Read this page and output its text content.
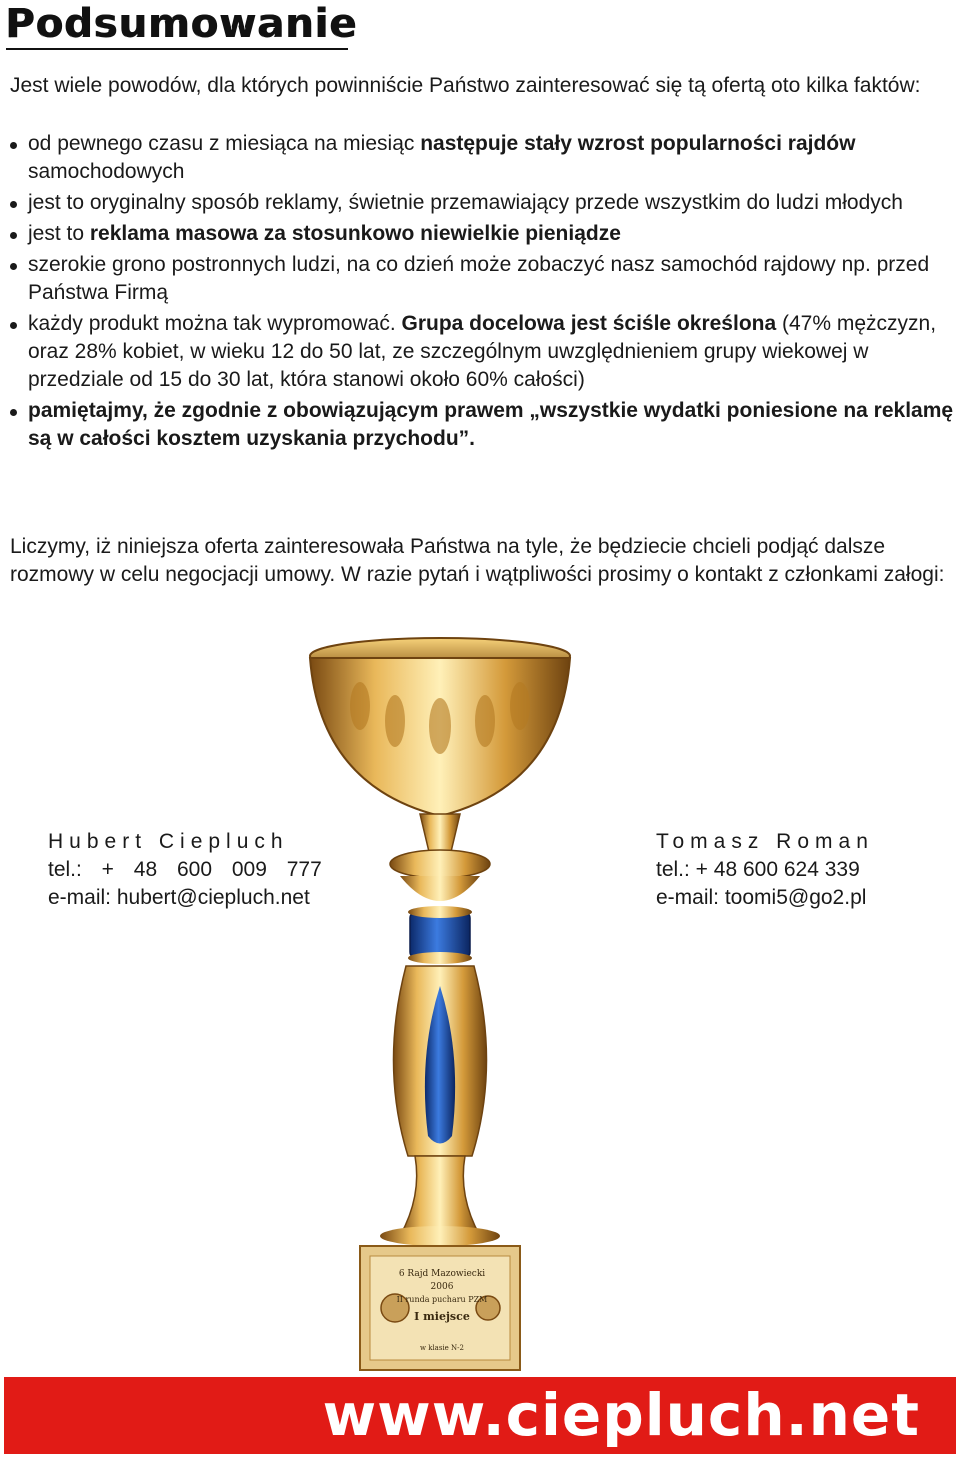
Podsumowanie
Jest wiele powodów, dla których powinniście Państwo zainteresować się tą ofertą oto kilka faktów:
od pewnego czasu z miesiąca na miesiąc następuje stały wzrost popularności rajdów samochodowych
jest to oryginalny sposób reklamy, świetnie przemawiający przede wszystkim do ludzi młodych
jest to reklama masowa za stosunkowo niewielkie pieniądze
szerokie grono postronnych ludzi, na co dzień może zobaczyć nasz samochód rajdowy np. przed Państwa Firmą
każdy produkt można tak wypromować. Grupa docelowa jest ściśle określona (47% mężczyzn, oraz 28% kobiet, w wieku 12 do 50 lat, ze szczególnym uwzględnieniem grupy wiekowej w przedziale od 15 do 30 lat, która stanowi około 60% całości)
pamiętajmy, że zgodnie z obowiązującym prawem „wszystkie wydatki poniesione na reklamę są w całości kosztem uzyskania przychodu”.
Liczymy, iż niniejsza oferta zainteresowała Państwa na tyle, że będziecie chcieli podjąć dalsze rozmowy w celu negocjacji umowy. W razie pytań i wątpliwości prosimy o kontakt z członkami załogi:
6 Rajd Mazowiecki
2006
II runda pucharu PZM
I miejsce
w klasie N-2
Hubert Ciepluch
tel.: + 48 600 009 777
e-mail: hubert@ciepluch.net
Tomasz Roman
tel.: + 48 600 624 339
e-mail: toomi5@go2.pl
www.ciepluch.net
